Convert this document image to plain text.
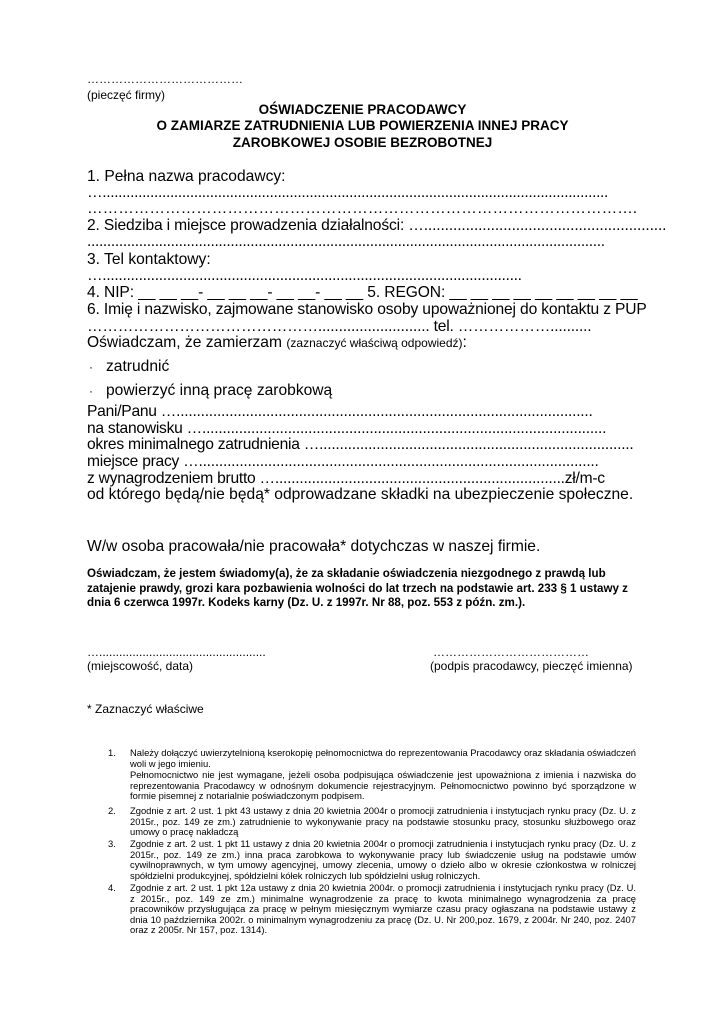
…………………………………
(pieczęć firmy)
OŚWIADCZENIE PRACODAWCY
O ZAMIARZE ZATRUDNIENIA LUB POWIERZENIA INNEJ PRACY
ZAROBKOWEJ OSOBIE BEZROBOTNEJ
1. Pełna nazwa pracodawcy:
…...............................................................................................................................
…………………………………………………………………………………………….
2. Siedziba i miejsce prowadzenia działalności: …..........................................................
..................................................................................................................................
3. Tel kontaktowy:
…........................................................................................................
4. NIP: __ __ __- __ __ __- __ __- __ __ 5. REGON: __ __ __ __ __ __ __ __ __
6. Imię i nazwisko, zajmowane stanowisko osoby upoważnionej do kontaktu z PUP
………………………………………........................... tel. ………………..........
Oświadczam, że zamierzam (zaznaczyć właściwą odpowiedź):
· zatrudnić
· powierzyć inną pracę zarobkową
Pani/Panu …......................................................................................................
na stanowisku …...................................................................................................
okres minimalnego zatrudnienia ….............................................................................
miejsce pracy …..................................................................................................
z wynagrodzeniem brutto ….......................................................................zł/m-c
od którego będą/nie będą* odprowadzane składki na ubezpieczenie społeczne.
W/w osoba pracowała/nie pracowała* dotychczas w naszej firmie.
Oświadczam, że jestem świadomy(a), że za składanie oświadczenia niezgodnego z prawdą lub zatajenie prawdy, grozi kara pozbawienia wolności do lat trzech na podstawie art. 233 § 1 ustawy z dnia 6 czerwca 1997r. Kodeks karny (Dz. U. z 1997r. Nr 88, poz. 553 z późn. zm.).
…..................................................
(miejscowość, data)
…………………………………
(podpis pracodawcy, pieczęć imienna)
* Zaznaczyć właściwe
1. Należy dołączyć uwierzytelnioną kserokopię pełnomocnictwa do reprezentowania Pracodawcy oraz składania oświadczeń woli w jego imieniu.
Pełnomocnictwo nie jest wymagane, jeżeli osoba podpisująca oświadczenie jest upoważniona z imienia i nazwiska do reprezentowania Pracodawcy w odnośnym dokumencie rejestracyjnym. Pełnomocnictwo powinno być sporządzone w formie pisemnej z notarialnie poświadczonym podpisem.
2. Zgodnie z art. 2 ust. 1 pkt 43 ustawy z dnia 20 kwietnia 2004r o promocji zatrudnienia i instytucjach rynku pracy (Dz. U. z 2015r., poz. 149 ze zm.) zatrudnienie to wykonywanie pracy na podstawie stosunku pracy, stosunku służbowego oraz umowy o pracę nakładczą
3. Zgodnie z art. 2 ust. 1 pkt 11 ustawy z dnia 20 kwietnia 2004r o promocji zatrudnienia i instytucjach rynku pracy (Dz. U. z 2015r., poz. 149 ze zm.) inna praca zarobkowa to wykonywanie pracy lub świadczenie usług na podstawie umów cywilnoprawnych, w tym umowy agencyjnej, umowy zlecenia, umowy o dzieło albo w okresie członkostwa w rolniczej spółdzielni produkcyjnej, spółdzielni kółek rolniczych lub spółdzielni usług rolniczych.
4. Zgodnie z art. 2 ust. 1 pkt 12a ustawy z dnia 20 kwietnia 2004r. o promocji zatrudnienia i instytucjach rynku pracy (Dz. U. z 2015r., poz. 149 ze zm.) minimalne wynagrodzenie za pracę to kwota minimalnego wynagrodzenia za pracę pracowników przysługująca za pracę w pełnym miesięcznym wymiarze czasu pracy ogłaszana na podstawie ustawy z dnia 10 października 2002r. o minimalnym wynagrodzeniu za pracę (Dz. U. Nr 200,poz. 1679, z 2004r. Nr 240, poz. 2407 oraz z 2005r. Nr 157, poz. 1314).
